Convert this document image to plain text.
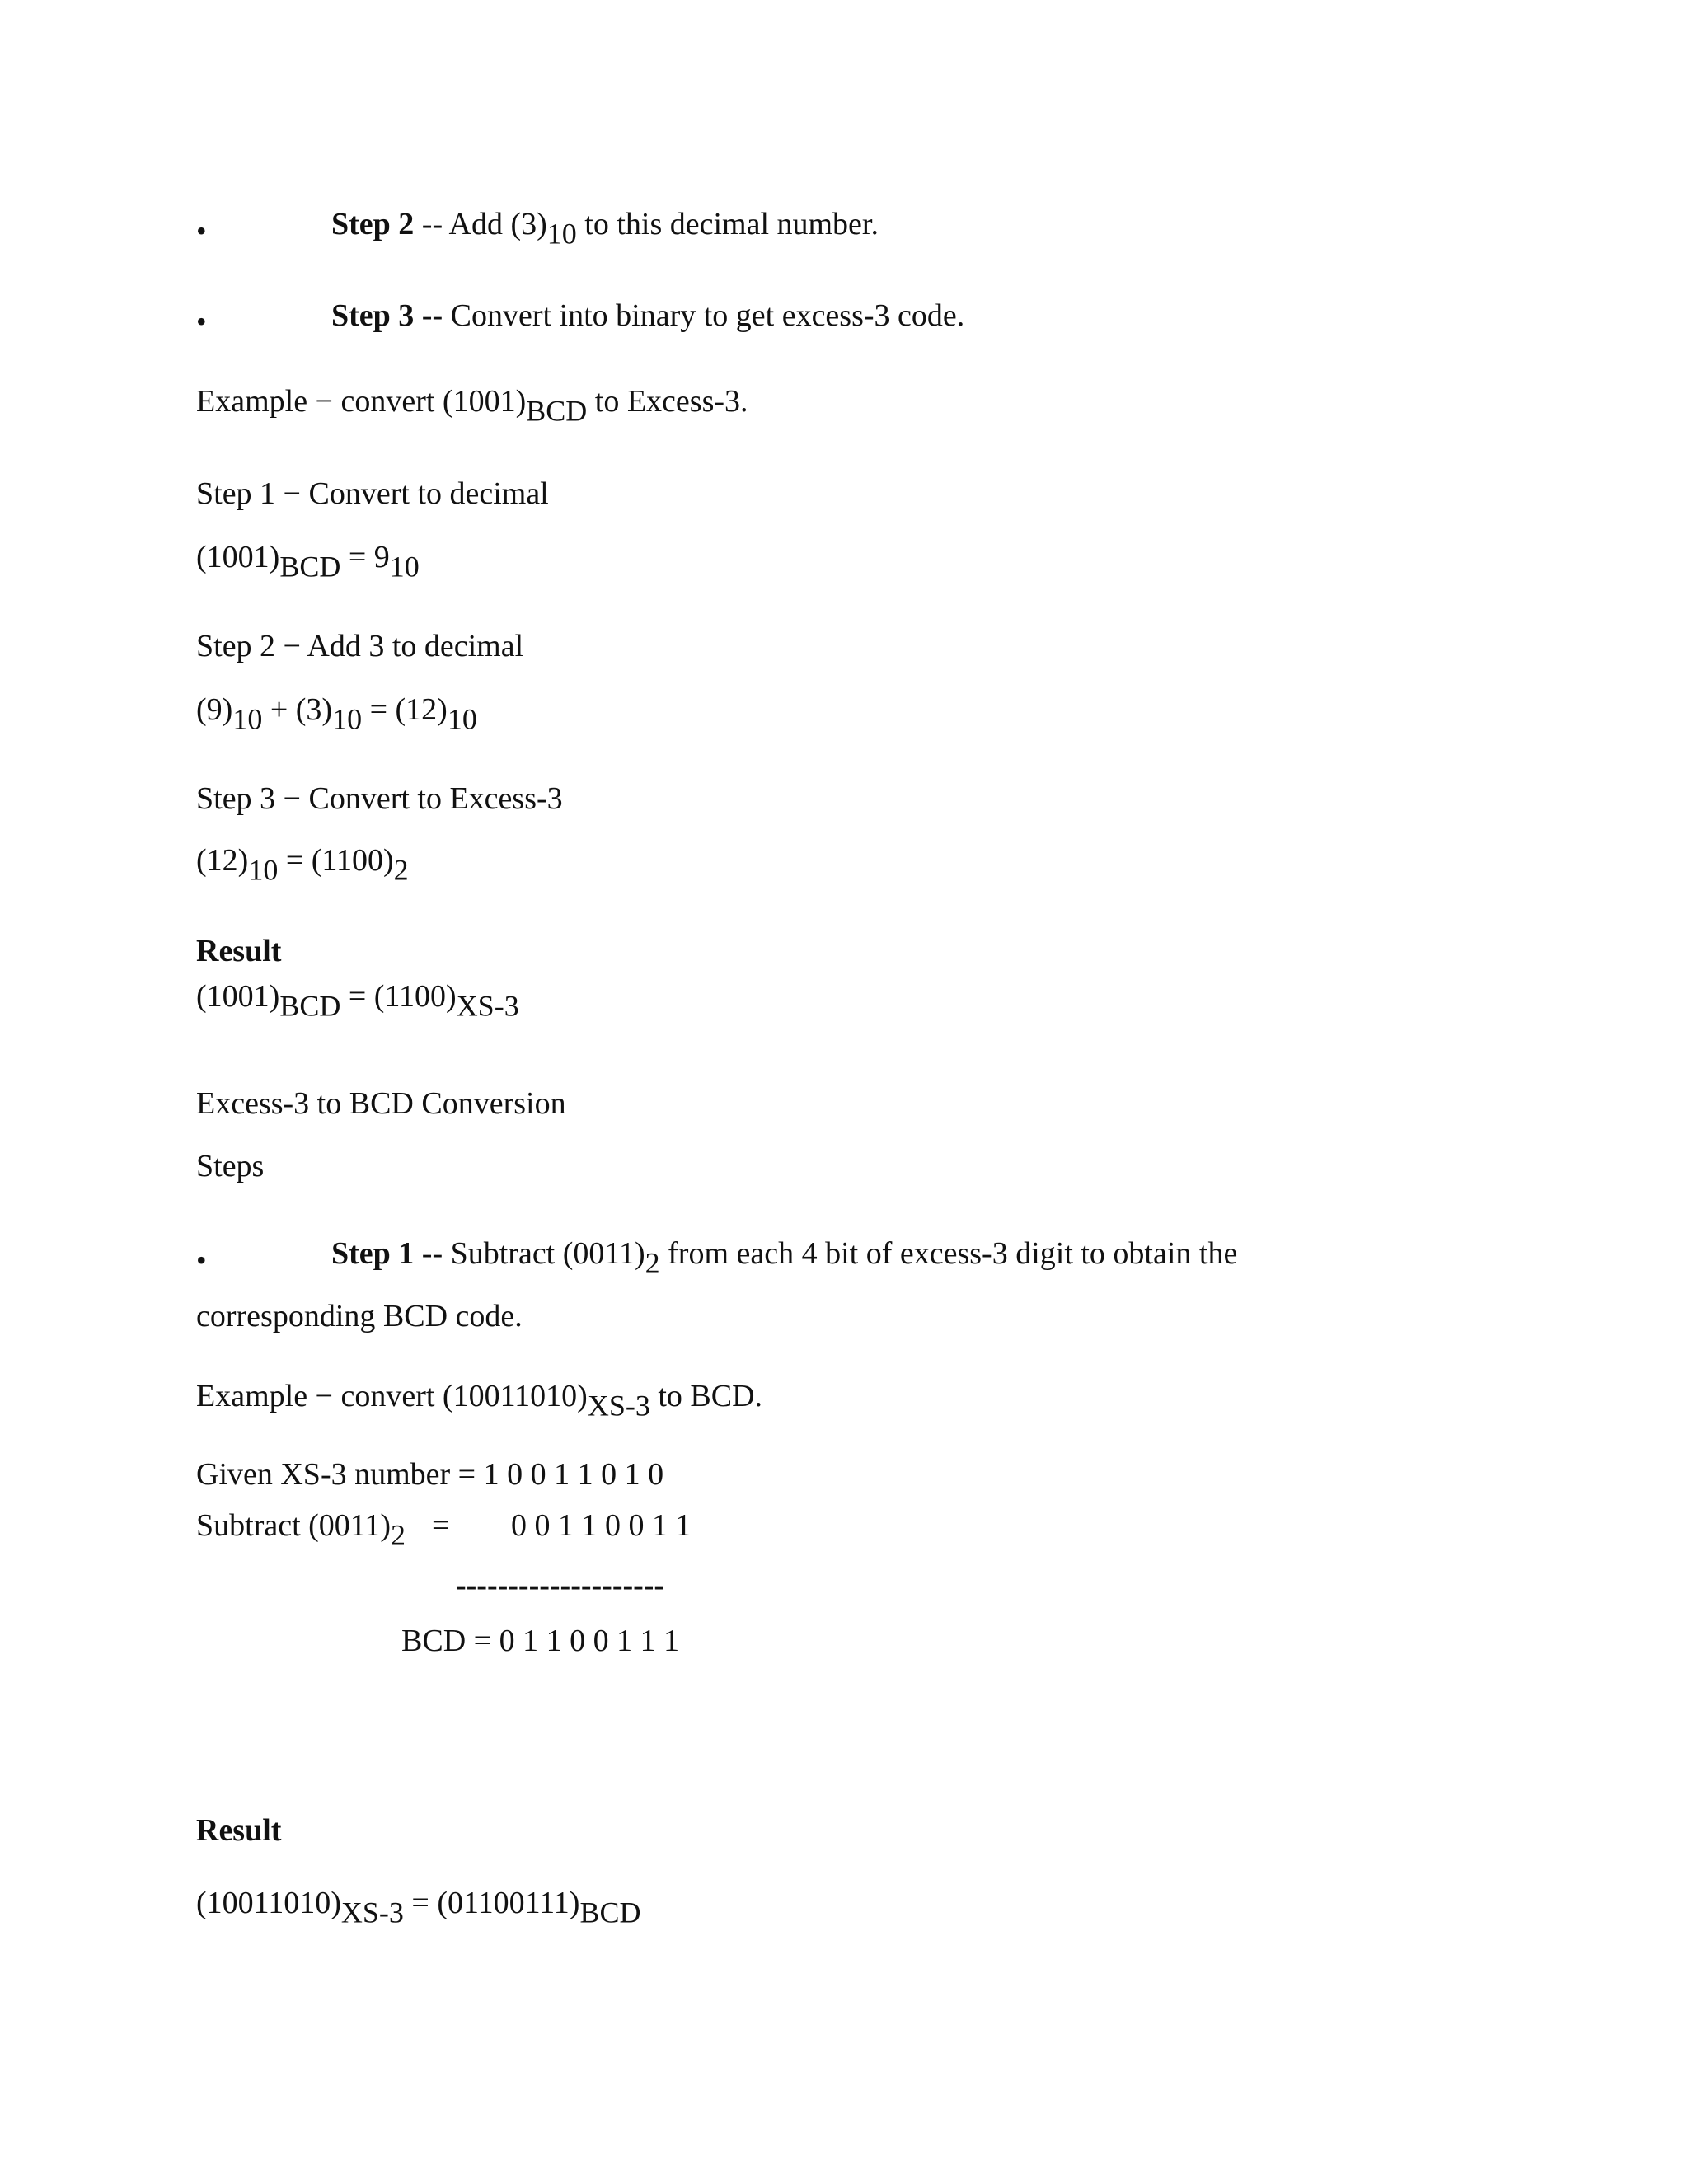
•	Step 2 -- Add $(3)_{10}$ to this decimal number.
•	Step 3 -- Convert into binary to get excess-3 code.
Example − convert $(1001)_{BCD}$ to Excess-3.
Step 1 − Convert to decimal
$(1001)_{BCD} = 9_{10}$
Step 2 − Add 3 to decimal
$(9)_{10} + (3)_{10} = (12)_{10}$
Step 3 − Convert to Excess-3
$(12)_{10} = (1100)_2$
Result
$(1001)_{BCD} = (1100)_{XS-3}$
Excess-3 to BCD Conversion
Steps
•	Step 1 -- Subtract $(0011)_2$ from each 4 bit of excess-3 digit to obtain the
corresponding BCD code.
Example − convert $(10011010)_{XS-3}$ to BCD.
Given XS-3 number = 1 0 0 1 1 0 1 0
Subtract $(0011)_2 = 0$ 0 1 1 0 0 1 1
--------------------
BCD = 0 1 1 0 0 1 1 1
Result
$(10011010)_{XS-3} = (01100111)_{BCD}$
